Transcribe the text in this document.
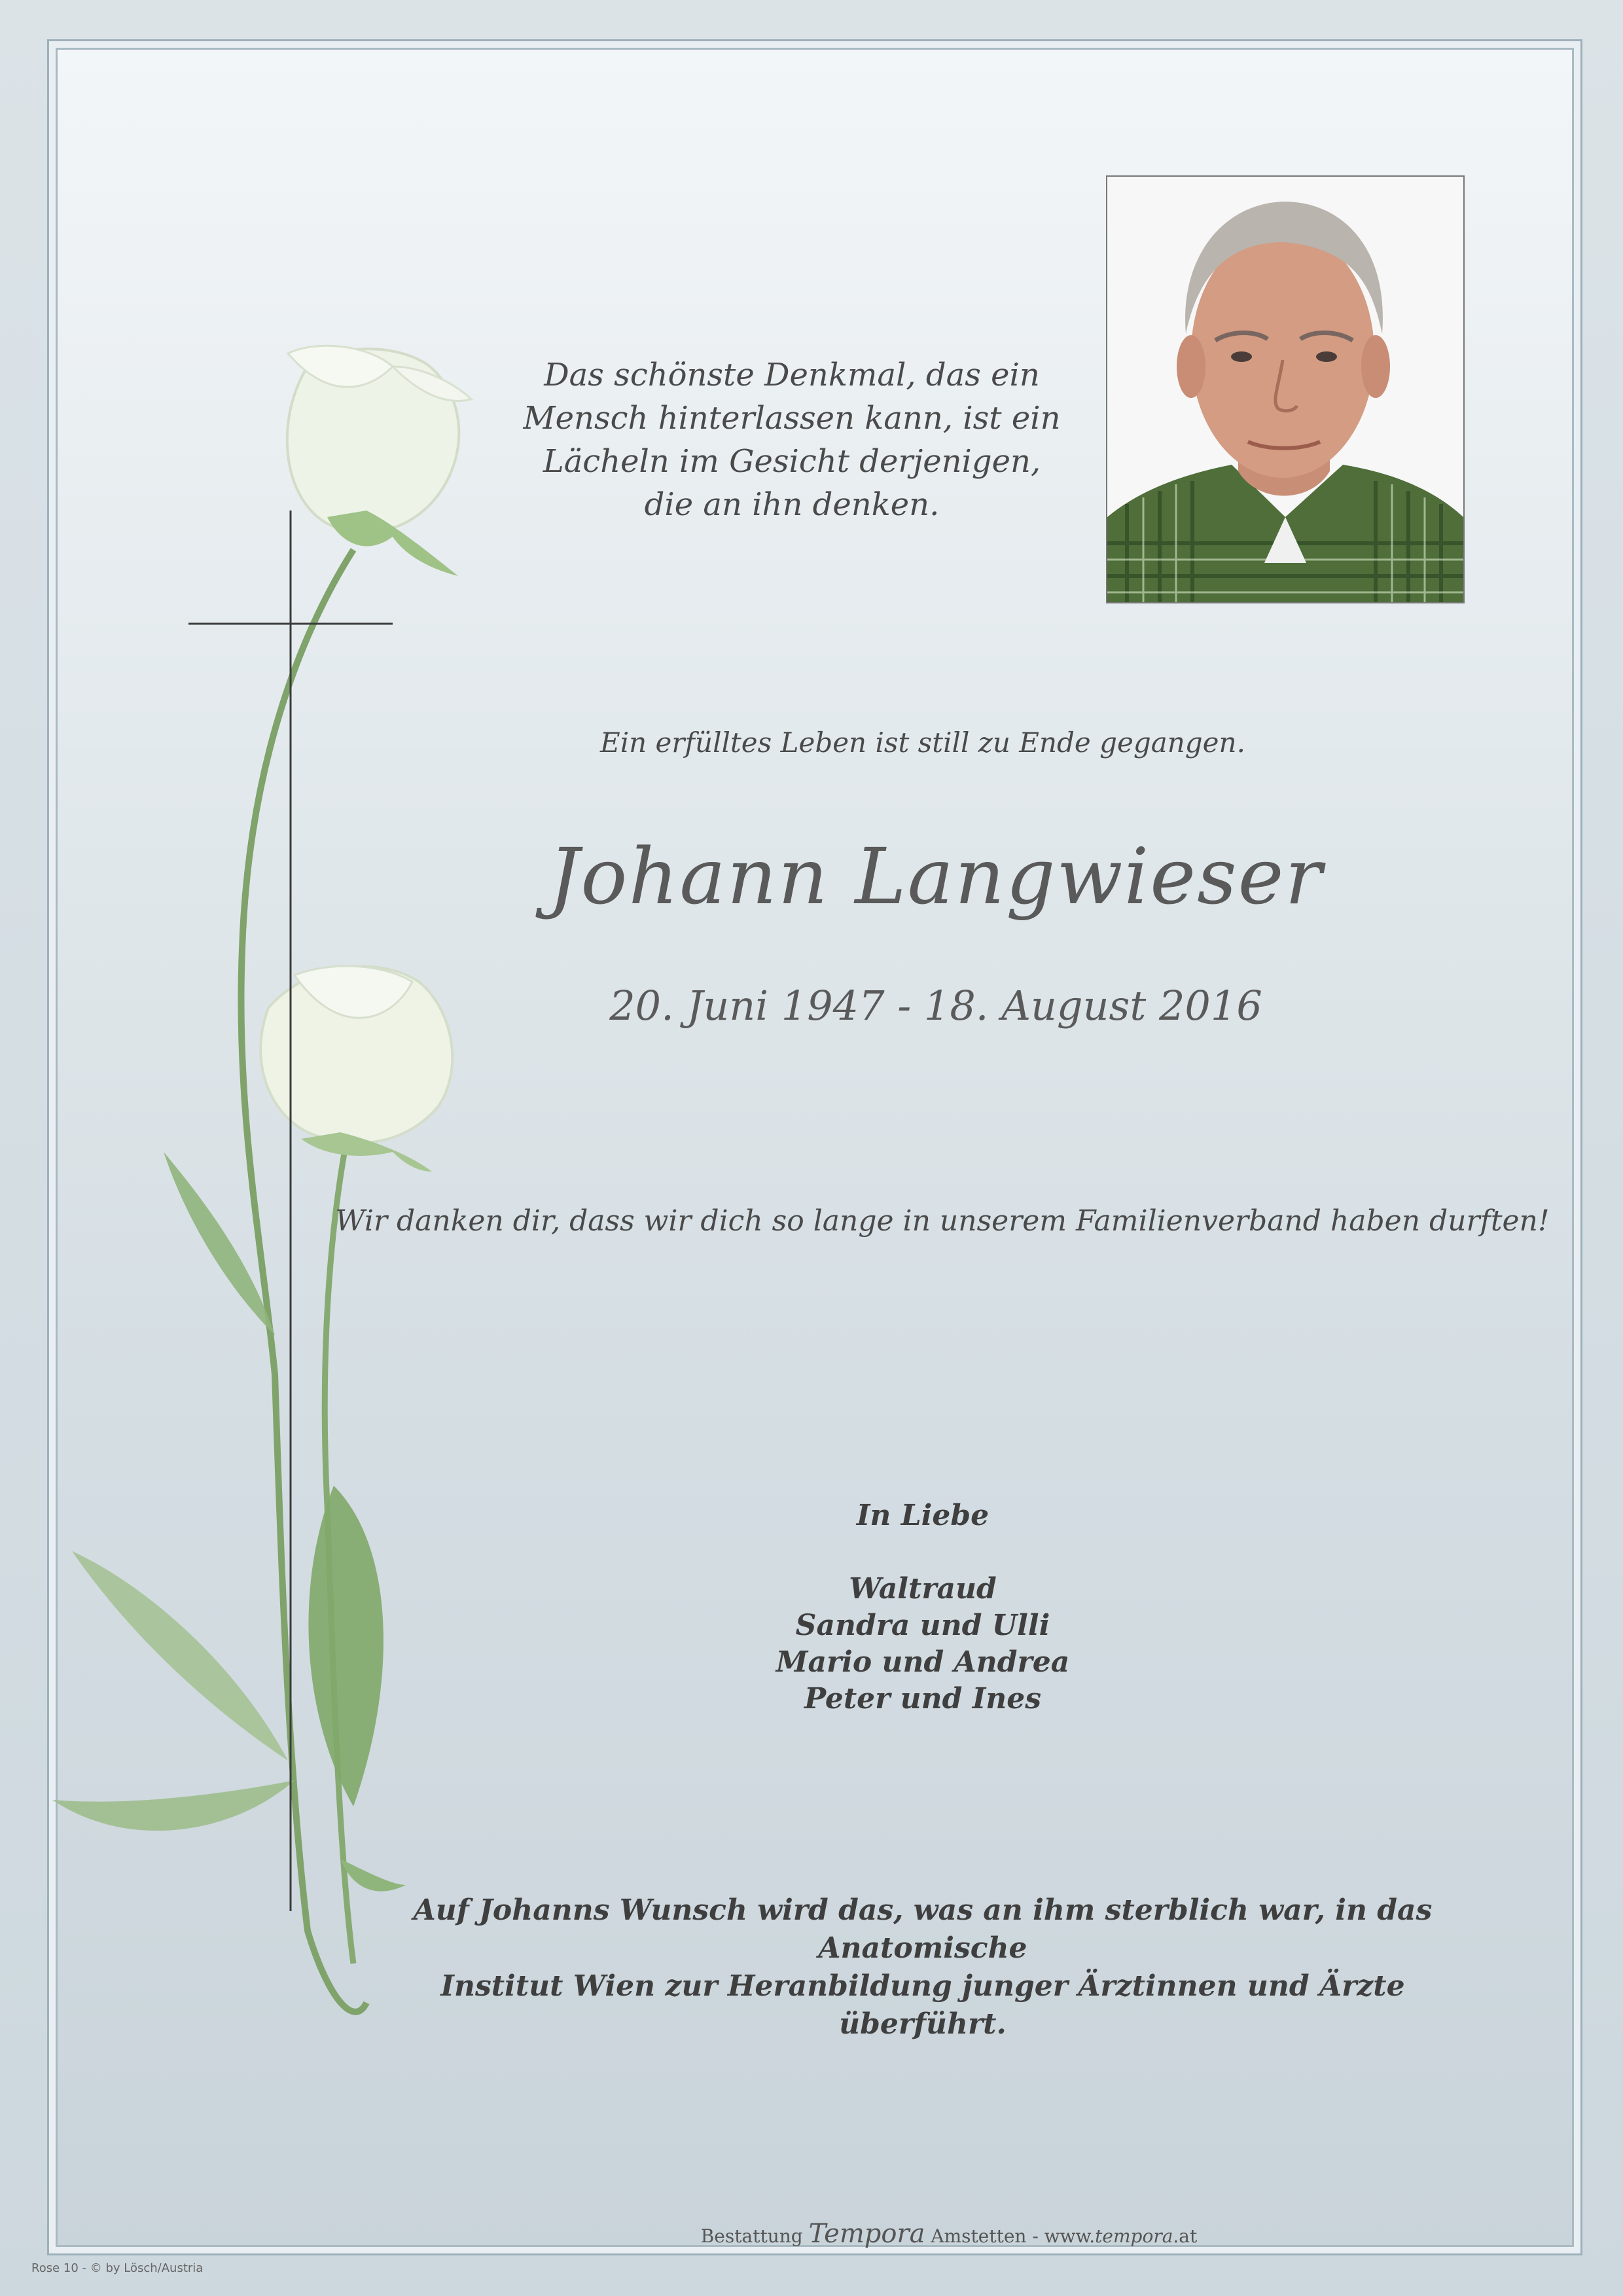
Das schönste Denkmal, das ein
Mensch hinterlassen kann, ist ein
Lächeln im Gesicht derjenigen,
die an ihn denken.
Ein erfülltes Leben ist still zu Ende gegangen.
Johann Langwieser
20. Juni 1947 - 18. August 2016
Wir danken dir, dass wir dich so lange in unserem Familienverband haben durften!
In Liebe
Waltraud
Sandra und Ulli
Mario und Andrea
Peter und Ines
Auf Johanns Wunsch wird das, was an ihm sterblich war, in das Anatomische
Institut Wien zur Heranbildung junger Ärztinnen und Ärzte überführt.
Bestattung Tempora Amstetten - www.tempora.at
Rose 10 - © by Lösch/Austria
